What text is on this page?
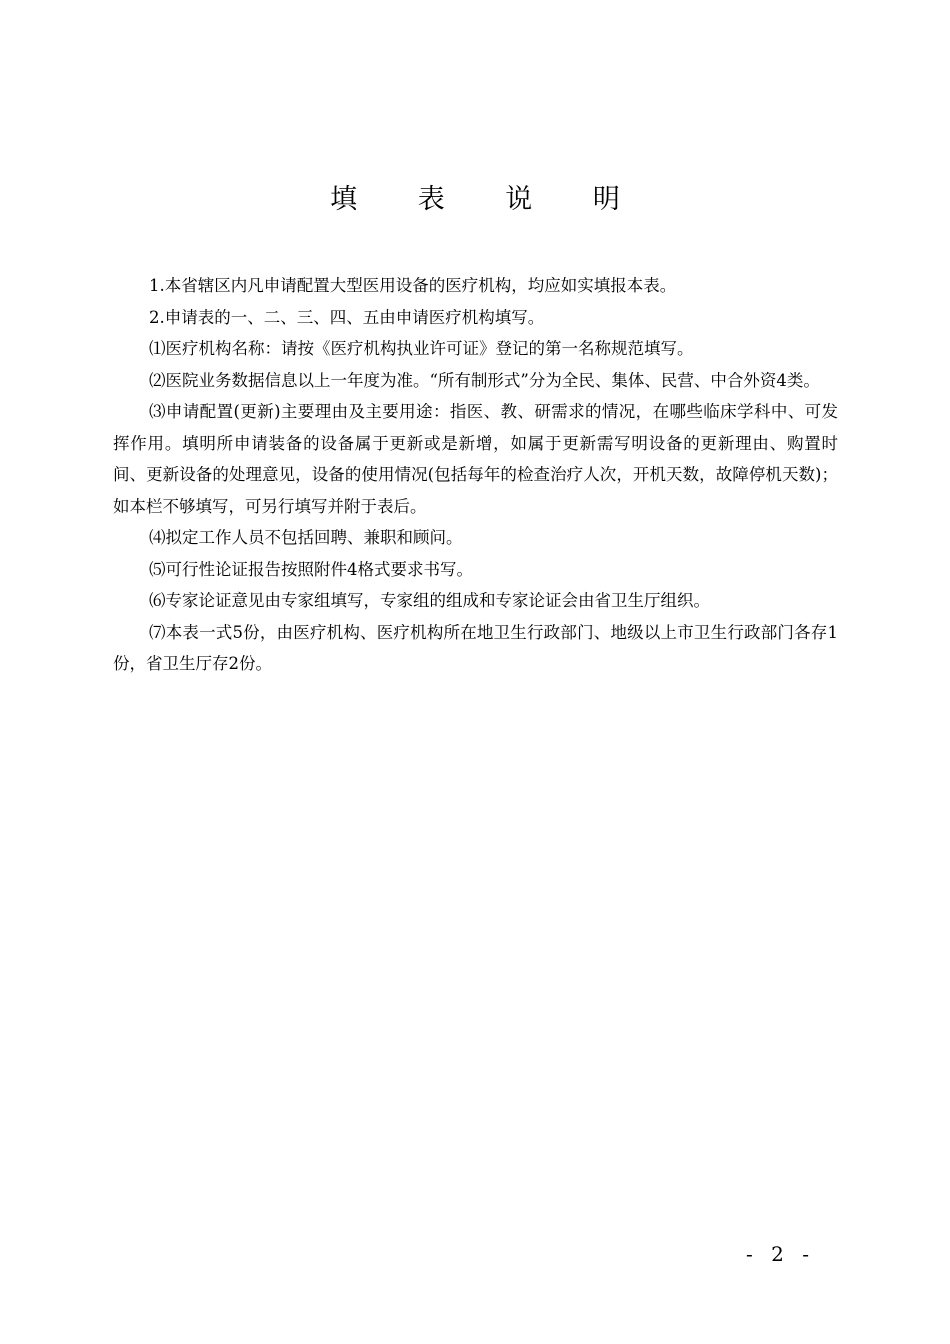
填 表 说 明

1.本省辖区内凡申请配置大型医用设备的医疗机构，均应如实填报本表。

2.申请表的一、二、三、四、五由申请医疗机构填写。

⑴医疗机构名称：请按《医疗机构执业许可证》登记的第一名称规范填写。

⑵医院业务数据信息以上一年度为准。“所有制形式”分为全民、集体、民营、中合外资4类。

⑶申请配置(更新)主要理由及主要用途：指医、教、研需求的情况，在哪些临床学科中、可发挥作用。填明所申请装备的设备属于更新或是新增，如属于更新需写明设备的更新理由、购置时间、更新设备的处理意见，设备的使用情况(包括每年的检查治疗人次，开机天数，故障停机天数)；如本栏不够填写，可另行填写并附于表后。

⑷拟定工作人员不包括回聘、兼职和顾问。

⑸可行性论证报告按照附件4格式要求书写。

⑹专家论证意见由专家组填写，专家组的组成和专家论证会由省卫生厅组织。

⑺本表一式5份，由医疗机构、医疗机构所在地卫生行政部门、地级以上市卫生行政部门各存1份，省卫生厅存2份。

- 2 -
